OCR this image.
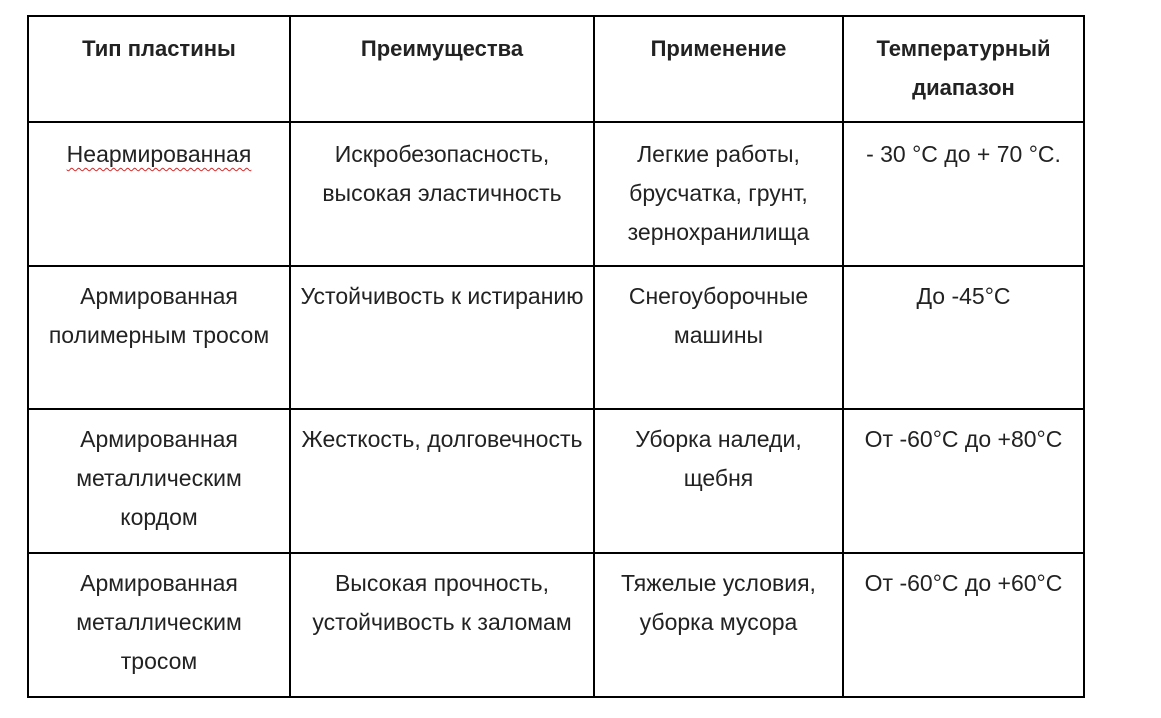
Тип пластины	Преимущества	Применение	Температурный диапазон
Неармированная	Искробезопасность, высокая эластичность	Легкие работы, брусчатка, грунт, зернохранилища	- 30 °C до + 70 °C.
Армированная полимерным тросом	Устойчивость к истиранию	Снегоуборочные машины	До -45°C
Армированная металлическим кордом	Жесткость, долговечность	Уборка наледи, щебня	От -60°C до +80°C
Армированная металлическим тросом	Высокая прочность, устойчивость к заломам	Тяжелые условия, уборка мусора	От -60°C до +60°C
